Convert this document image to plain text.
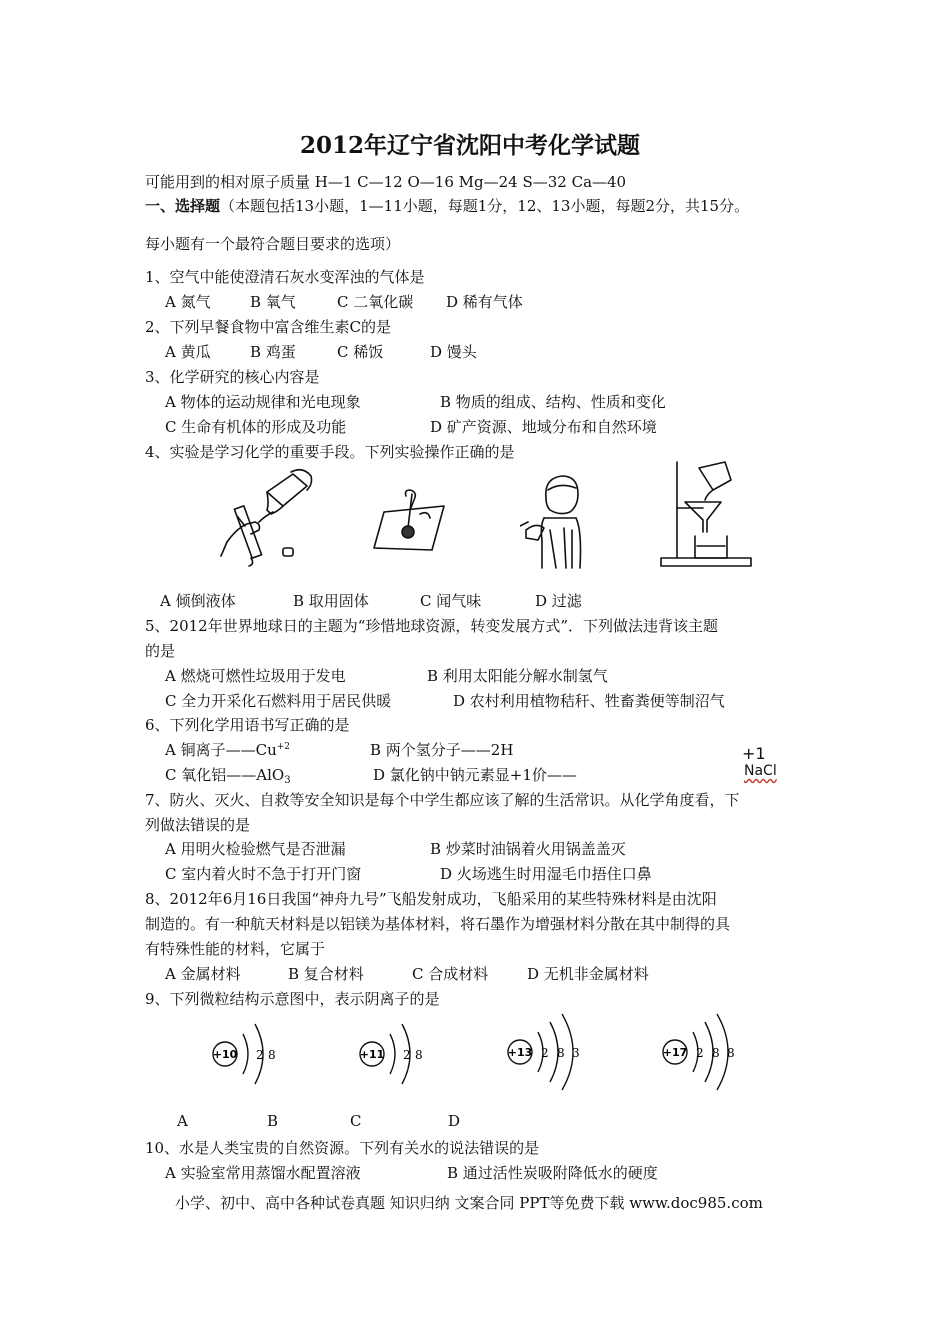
2012年辽宁省沈阳中考化学试题
可能用到的相对原子质量 H—1 C—12 O—16 Mg—24 S—32 Ca—40
一、选择题（本题包括13小题，1—11小题，每题1分，12、13小题，每题2分，共15分。
每小题有一个最符合题目要求的选项）
1、空气中能使澄清石灰水变浑浊的气体是
A 氮气	B 氧气	C 二氧化碳 D 稀有气体
2、下列早餐食物中富含维生素C的是
A 黄瓜	B 鸡蛋	C 稀饭	D 馒头
3、化学研究的核心内容是
A 物体的运动规律和光电现象	B 物质的组成、结构、性质和变化
C 生命有机体的形成及功能	D 矿产资源、地域分布和自然环境
4、实验是学习化学的重要手段。下列实验操作正确的是
A 倾倒液体	B 取用固体	C 闻气味	D 过滤
5、2012年世界地球日的主题为“珍惜地球资源，转变发展方式”．下列做法违背该主题
的是
A 燃烧可燃性垃圾用于发电	B 利用太阳能分解水制氢气
C 全力开采化石燃料用于居民供暖	D 农村利用植物秸秆、牲畜粪便等制沼气
6、下列化学用语书写正确的是
A 铜离子$——Cu^{+2}$	B 两个氢分子——2H
C 氧化铝——AlO$_3$	D 氯化钠中钠元素显+1价——
+1
NaCl
7、防火、灭火、自救等安全知识是每个中学生都应该了解的生活常识。从化学角度看，下
列做法错误的是
A 用明火检验燃气是否泄漏	B 炒菜时油锅着火用锅盖盖灭
C 室内着火时不急于打开门窗	D 火场逃生时用湿毛巾捂住口鼻
8、2012年6月16日我国“神舟九号”飞船发射成功，飞船采用的某些特殊材料是由沈阳
制造的。有一种航天材料是以铝镁为基体材料，将石墨作为增强材料分散在其中制得的具
有特殊性能的材料，它属于
A 金属材料	B 复合材料	C 合成材料	D 无机非金属材料
9、下列微粒结构示意图中，表示阴离子的是
+10 2 8	+11 2 8	+13 2 8 3	+17 2 8 8
A	B	C	D
10、水是人类宝贵的自然资源。下列有关水的说法错误的是
A 实验室常用蒸馏水配置溶液	B 通过活性炭吸附降低水的硬度
小学、初中、高中各种试卷真题 知识归纳 文案合同 PPT等免费下载 www.doc985.com
